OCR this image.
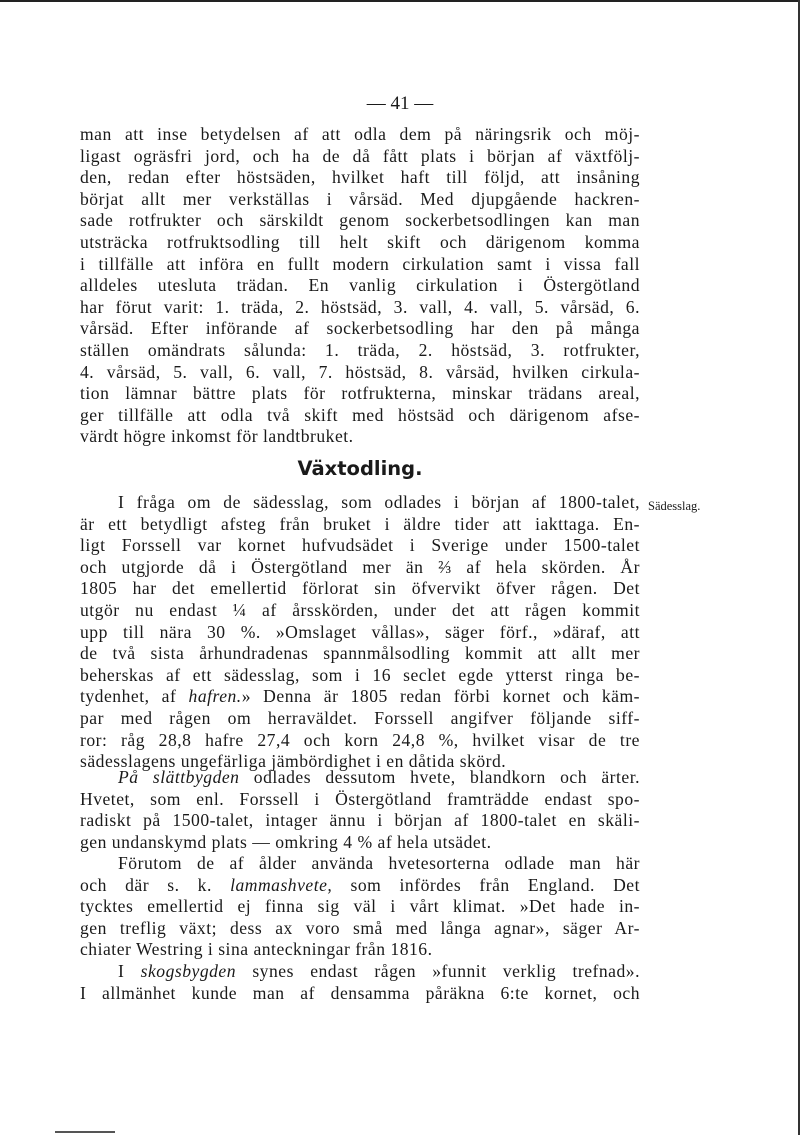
— 41 —
man att inse betydelsen af att odla dem på näringsrik och möj-
ligast ogräsfri jord, och ha de då fått plats i början af växtfölj-
den, redan efter höstsäden, hvilket haft till följd, att insåning
börjat allt mer verkställas i vårsäd. Med djupgående hackren-
sade rotfrukter och särskildt genom sockerbetsodlingen kan man
utsträcka rotfruktsodling till helt skift och därigenom komma
i tillfälle att införa en fullt modern cirkulation samt i vissa fall
alldeles utesluta trädan. En vanlig cirkulation i Östergötland
har förut varit: 1. träda, 2. höstsäd, 3. vall, 4. vall, 5. vårsäd, 6.
vårsäd. Efter införande af sockerbetsodling har den på många
ställen omändrats sålunda: 1. träda, 2. höstsäd, 3. rotfrukter,
4. vårsäd, 5. vall, 6. vall, 7. höstsäd, 8. vårsäd, hvilken cirkula-
tion lämnar bättre plats för rotfrukterna, minskar trädans areal,
ger tillfälle att odla två skift med höstsäd och därigenom afse-
värdt högre inkomst för landtbruket.
Växtodling.
Sädesslag.
I fråga om de sädesslag, som odlades i början af 1800-talet,
är ett betydligt afsteg från bruket i äldre tider att iakttaga. En-
ligt Forssell var kornet hufvudsädet i Sverige under 1500-talet
och utgjorde då i Östergötland mer än ⅔ af hela skörden. År
1805 har det emellertid förlorat sin öfvervikt öfver rågen. Det
utgör nu endast ¼ af årsskörden, under det att rågen kommit
upp till nära 30 %. »Omslaget vållas», säger förf., »däraf, att
de två sista århundradenas spannmålsodling kommit att allt mer
beherskas af ett sädesslag, som i 16 seclet egde ytterst ringa be-
tydenhet, af hafren.» Denna är 1805 redan förbi kornet och käm-
par med rågen om herraväldet. Forssell angifver följande siff-
ror: råg 28,8 hafre 27,4 och korn 24,8 %, hvilket visar de tre
sädesslagens ungefärliga jämbördighet i en dåtida skörd.
På slättbygden odlades dessutom hvete, blandkorn och ärter.
Hvetet, som enl. Forssell i Östergötland framträdde endast spo-
radiskt på 1500-talet, intager ännu i början af 1800-talet en skäli-
gen undanskymd plats — omkring 4 % af hela utsädet.
Förutom de af ålder använda hvetesorterna odlade man här
och där s. k. lammashvete, som infördes från England. Det
tycktes emellertid ej finna sig väl i vårt klimat. »Det hade in-
gen treflig växt; dess ax voro små med långa agnar», säger Ar-
chiater Westring i sina anteckningar från 1816.
I skogsbygden synes endast rågen »funnit verklig trefnad».
I allmänhet kunde man af densamma påräkna 6:te kornet, och
